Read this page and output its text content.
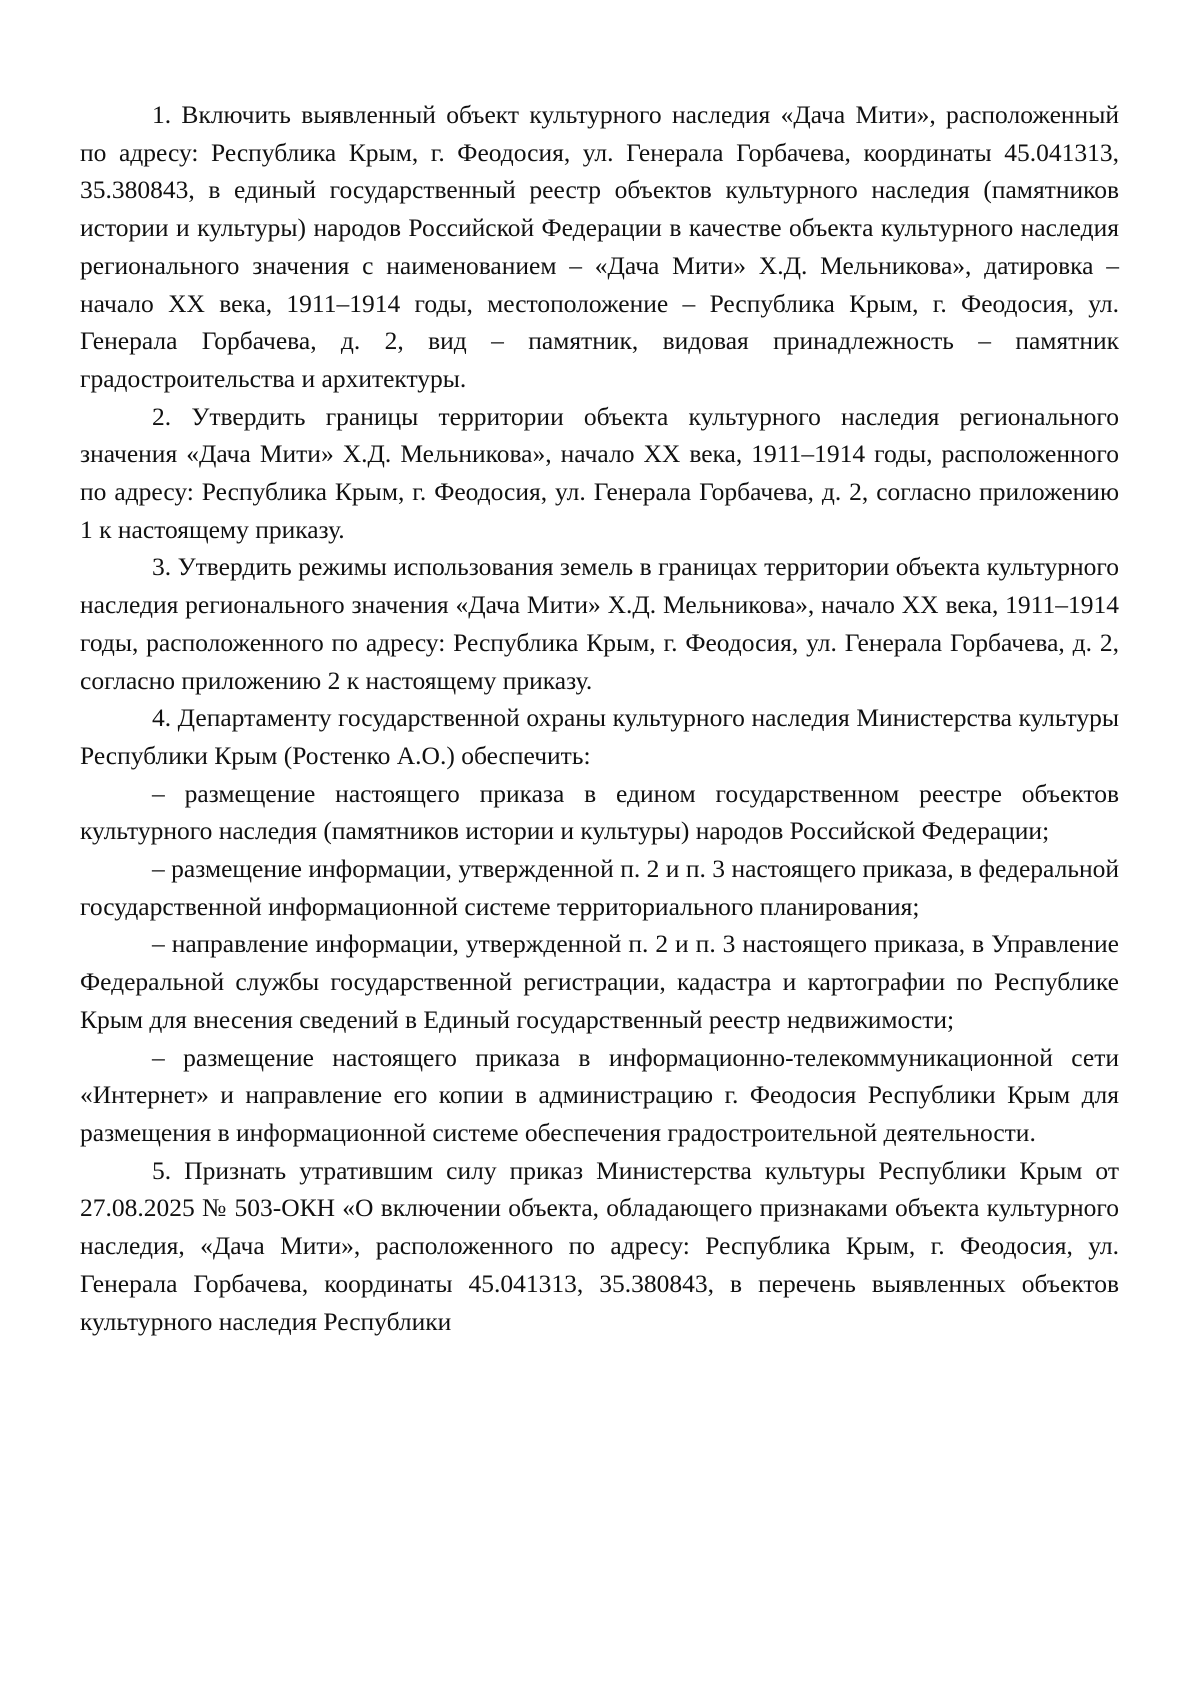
1. Включить выявленный объект культурного наследия «Дача Мити», расположенный по адресу: Республика Крым, г. Феодосия, ул. Генерала Горбачева, координаты 45.041313, 35.380843, в единый государственный реестр объектов культурного наследия (памятников истории и культуры) народов Российской Федерации в качестве объекта культурного наследия регионального значения с наименованием – «Дача Мити» Х.Д. Мельникова», датировка – начало XX века, 1911–1914 годы, местоположение – Республика Крым, г. Феодосия, ул. Генерала Горбачева, д. 2, вид – памятник, видовая принадлежность – памятник градостроительства и архитектуры.

2. Утвердить границы территории объекта культурного наследия регионального значения «Дача Мити» Х.Д. Мельникова», начало XX века, 1911–1914 годы, расположенного по адресу: Республика Крым, г. Феодосия, ул. Генерала Горбачева, д. 2, согласно приложению 1 к настоящему приказу.

3. Утвердить режимы использования земель в границах территории объекта культурного наследия регионального значения «Дача Мити» Х.Д. Мельникова», начало XX века, 1911–1914 годы, расположенного по адресу: Республика Крым, г. Феодосия, ул. Генерала Горбачева, д. 2, согласно приложению 2 к настоящему приказу.

4. Департаменту государственной охраны культурного наследия Министерства культуры Республики Крым (Ростенко А.О.) обеспечить:

– размещение настоящего приказа в едином государственном реестре объектов культурного наследия (памятников истории и культуры) народов Российской Федерации;

– размещение информации, утвержденной п. 2 и п. 3 настоящего приказа, в федеральной государственной информационной системе территориального планирования;

– направление информации, утвержденной п. 2 и п. 3 настоящего приказа, в Управление Федеральной службы государственной регистрации, кадастра и картографии по Республике Крым для внесения сведений в Единый государственный реестр недвижимости;

– размещение настоящего приказа в информационно-телекоммуникационной сети «Интернет» и направление его копии в администрацию г. Феодосия Республики Крым для размещения в информационной системе обеспечения градостроительной деятельности.

5. Признать утратившим силу приказ Министерства культуры Республики Крым от 27.08.2025 № 503-ОКН «О включении объекта, обладающего признаками объекта культурного наследия, «Дача Мити», расположенного по адресу: Республика Крым, г. Феодосия, ул. Генерала Горбачева, координаты 45.041313, 35.380843, в перечень выявленных объектов культурного наследия Республики
